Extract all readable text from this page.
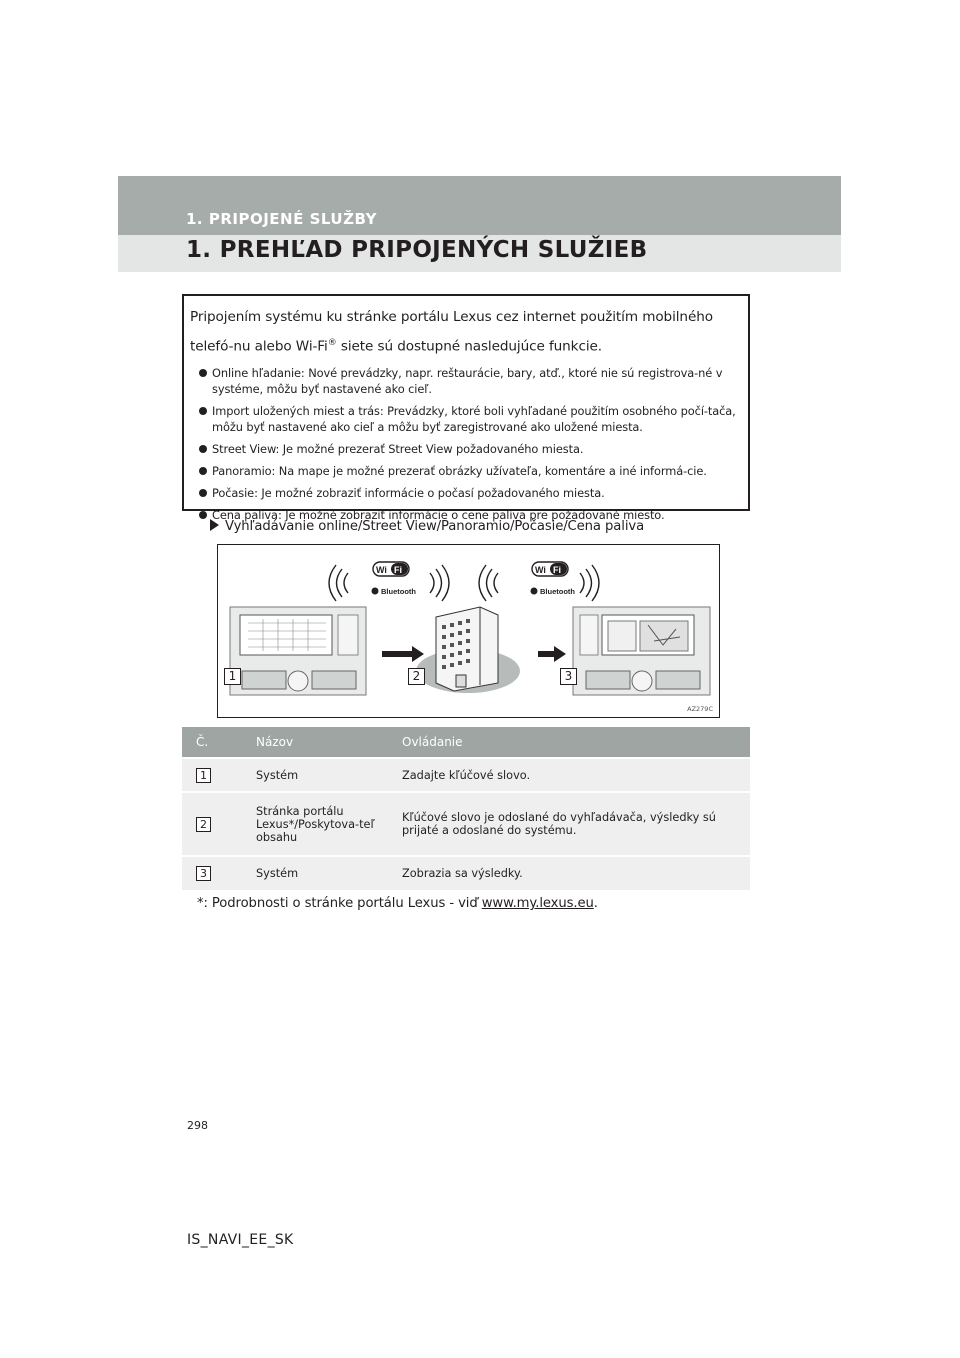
1. PRIPOJENÉ SLUŽBY
1. PREHĽAD PRIPOJENÝCH SLUŽIEB

Pripojením systému ku stránke portálu Lexus cez internet použitím mobilného telefó-nu alebo Wi-Fi® siete sú dostupné nasledujúce funkcie.

Online hľadanie: Nové prevádzky, napr. reštaurácie, bary, atď., ktoré nie sú registrova-né v systéme, môžu byť nastavené ako cieľ.
Import uložených miest a trás: Prevádzky, ktoré boli vyhľadané použitím osobného počí-tača, môžu byť nastavené ako cieľ a môžu byť zaregistrované ako uložené miesta.
Street View: Je možné prezerať Street View požadovaného miesta.
Panoramio: Na mape je možné prezerať obrázky užívateľa, komentáre a iné informá-cie.
Počasie: Je možné zobraziť informácie o počasí požadovaného miesta.
Cena paliva: Je možné zobraziť informácie o cene paliva pre požadované miesto.
Vyhľadávanie online/Street View/Panoramio/Počasie/Cena paliva
Wi Fi	Wi Fi
Bluetooth	Bluetooth
1	2	3
AZ279C
Č.	Názov	Ovládanie
1	Systém	Zadajte kľúčové slovo.
2	Stránka portálu Lexus*/Poskytova-teľ obsahu	Kľúčové slovo je odoslané do vyhľadávača, výsledky sú prijaté a odoslané do systému.
3	Systém	Zobrazia sa výsledky.
*: Podrobnosti o stránke portálu Lexus - viď www.my.lexus.eu.
298
IS_NAVI_EE_SK
